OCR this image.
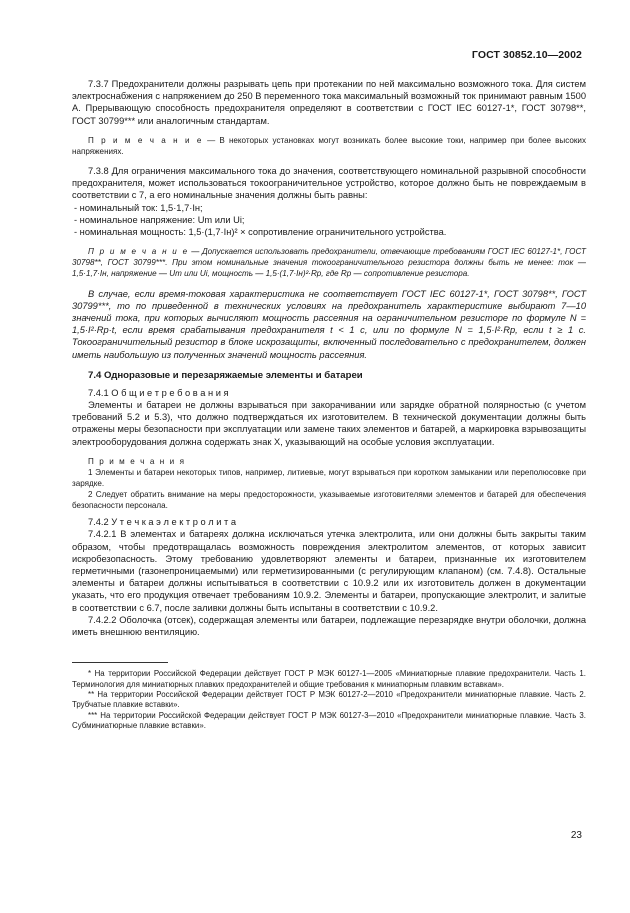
ГОСТ 30852.10—2002

7.3.7 Предохранители должны разрывать цепь при протекании по ней максимально возможного тока. Для систем электроснабжения с напряжением до 250 В переменного тока максимальный возможный ток принимают равным 1500 А. Прерывающую способность предохранителя определяют в соответствии с ГОСТ IEC 60127-1*, ГОСТ 30798**, ГОСТ 30799*** или аналогичным стандартам.

П р и м е ч а н и е — В некоторых установках могут возникать более высокие токи, например при более высоких напряжениях.

7.3.8 Для ограничения максимального тока до значения, соответствующего номинальной разрывной способности предохранителя, может использоваться токоограничительное устройство, которое должно быть не повреждаемым в соответствии с 7, а его номинальные значения должны быть равны:

- номинальный ток: 1,5·1,7·Iн;

- номинальное напряжение: Um или Ui;

- номинальная мощность: 1,5·(1,7·Iн)² × сопротивление ограничительного устройства.

П р и м е ч а н и е — Допускается использовать предохранители, отвечающие требованиям ГОСТ IEC 60127-1*, ГОСТ 30798**, ГОСТ 30799***. При этом номинальные значения токоограничительного резистора должны быть не менее: ток — 1,5·1,7·Iн, напряжение — Um или Ui, мощность — 1,5·(1,7·Iн)²·Rp, где Rp — сопротивление резистора.

В случае, если время-токовая характеристика не соответствует ГОСТ IEC 60127-1*, ГОСТ 30798**, ГОСТ 30799***, то по приведенной в технических условиях на предохранитель характеристике выбирают 7—10 значений тока, при которых вычисляют мощность рассеяния на ограничительном резисторе по формуле N = 1,5·I²·Rp·t, если время срабатывания предохранителя t < 1 с, или по формуле N = 1,5·I²·Rp, если t ≥ 1 с. Токоограничительный резистор в блоке искрозащиты, включенный последовательно с предохранителем, должен иметь наибольшую из полученных значений мощность рассеяния.

7.4 Одноразовые и перезаряжаемые элементы и батареи

7.4.1 О б щ и е т р е б о в а н и я

Элементы и батареи не должны взрываться при закорачивании или зарядке обратной полярностью (с учетом требований 5.2 и 5.3), что должно подтверждаться их изготовителем. В технической документации должны быть отражены меры безопасности при эксплуатации или замене таких элементов и батарей, а маркировка взрывозащиты электрооборудования должна содержать знак X, указывающий на особые условия эксплуатации.

П р и м е ч а н и я

1 Элементы и батареи некоторых типов, например, литиевые, могут взрываться при коротком замыкании или переполюсовке при зарядке.

2 Следует обратить внимание на меры предосторожности, указываемые изготовителями элементов и батарей для обеспечения безопасности персонала.

7.4.2 У т е ч к а э л е к т р о л и т а

7.4.2.1 В элементах и батареях должна исключаться утечка электролита, или они должны быть закрыты таким образом, чтобы предотвращалась возможность повреждения электролитом элементов, от которых зависит искробезопасность. Этому требованию удовлетворяют элементы и батареи, признанные их изготовителем герметичными (газонепроницаемыми) или герметизированными (с регулирующим клапаном) (см. 7.4.8). Остальные элементы и батареи должны испытываться в соответствии с 10.9.2 или их изготовитель должен в документации указать, что его продукция отвечает требованиям 10.9.2. Элементы и батареи, пропускающие электролит, и залитые в соответствии с 6.7, после заливки должны быть испытаны в соответствии с 10.9.2.

7.4.2.2 Оболочка (отсек), содержащая элементы или батареи, подлежащие перезарядке внутри оболочки, должна иметь внешнюю вентиляцию.

* На территории Российской Федерации действует ГОСТ Р МЭК 60127-1—2005 «Миниатюрные плавкие предохранители. Часть 1. Терминология для миниатюрных плавких предохранителей и общие требования к миниатюрным плавким вставкам».

** На территории Российской Федерации действует ГОСТ Р МЭК 60127-2—2010 «Предохранители миниатюрные плавкие. Часть 2. Трубчатые плавкие вставки».

*** На территории Российской Федерации действует ГОСТ Р МЭК 60127-3—2010 «Предохранители миниатюрные плавкие. Часть 3. Субминиатюрные плавкие вставки».

23
